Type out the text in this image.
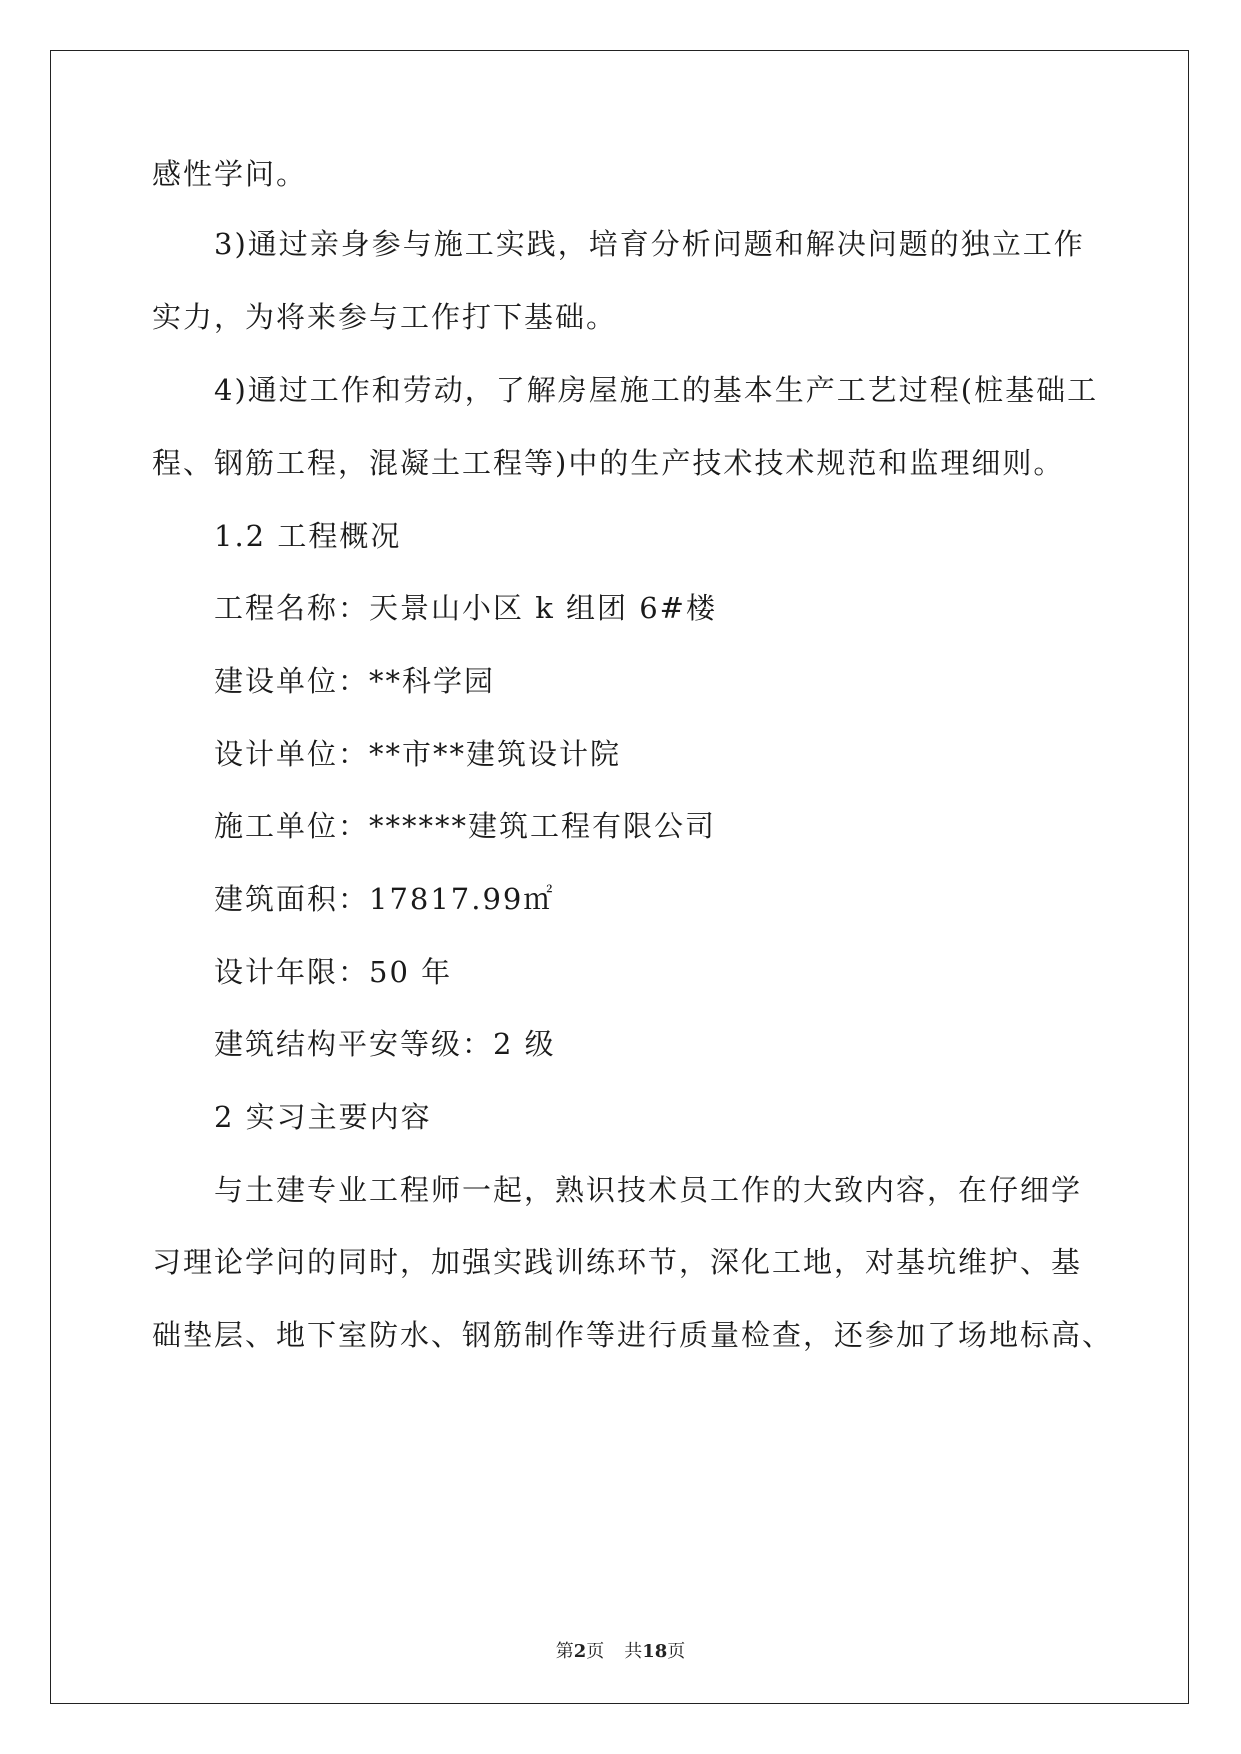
感性学问。
3)通过亲身参与施工实践，培育分析问题和解决问题的独立工作
实力，为将来参与工作打下基础。
4)通过工作和劳动，了解房屋施工的基本生产工艺过程(桩基础工
程、钢筋工程，混凝土工程等)中的生产技术技术规范和监理细则。
1.2 工程概况
工程名称：天景山小区 k 组团 6#楼
建设单位：**科学园
设计单位：**市**建筑设计院
施工单位：******建筑工程有限公司
建筑面积：17817.99㎡
设计年限：50 年
建筑结构平安等级：2 级
2 实习主要内容
与土建专业工程师一起，熟识技术员工作的大致内容，在仔细学
习理论学问的同时，加强实践训练环节，深化工地，对基坑维护、基
础垫层、地下室防水、钢筋制作等进行质量检查，还参加了场地标高、
第2页 共18页
